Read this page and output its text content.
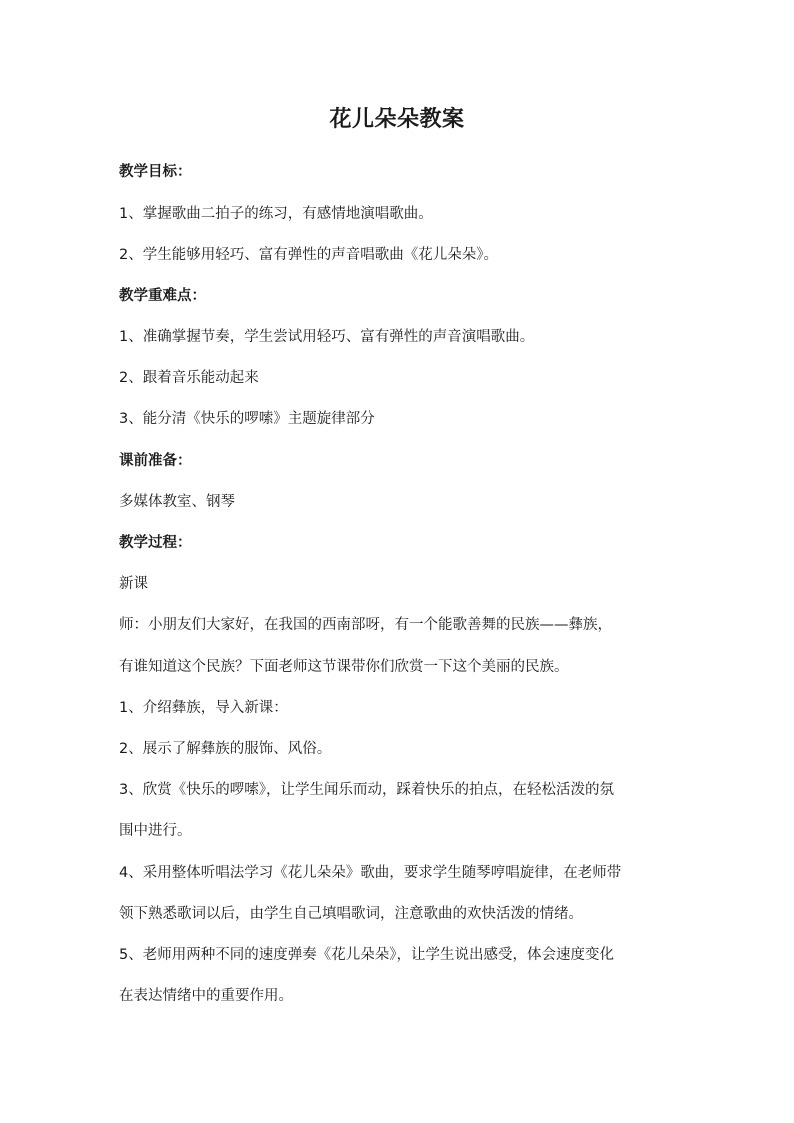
花儿朵朵教案
教学目标：
1、掌握歌曲二拍子的练习，有感情地演唱歌曲。
2、学生能够用轻巧、富有弹性的声音唱歌曲《花儿朵朵》。
教学重难点：
1、准确掌握节奏，学生尝试用轻巧、富有弹性的声音演唱歌曲。
2、跟着音乐能动起来
3、能分清《快乐的啰嗦》主题旋律部分
课前准备：
多媒体教室、钢琴
教学过程：
新课
师：小朋友们大家好，在我国的西南部呀，有一个能歌善舞的民族——彝族，
有谁知道这个民族？下面老师这节课带你们欣赏一下这个美丽的民族。
1、介绍彝族，导入新课：
2、展示了解彝族的服饰、风俗。
3、欣赏《快乐的啰嗦》，让学生闻乐而动，踩着快乐的拍点，在轻松活泼的氛
围中进行。
4、采用整体听唱法学习《花儿朵朵》歌曲，要求学生随琴哼唱旋律，在老师带
领下熟悉歌词以后，由学生自己填唱歌词，注意歌曲的欢快活泼的情绪。
5、老师用两种不同的速度弹奏《花儿朵朵》，让学生说出感受，体会速度变化
在表达情绪中的重要作用。
